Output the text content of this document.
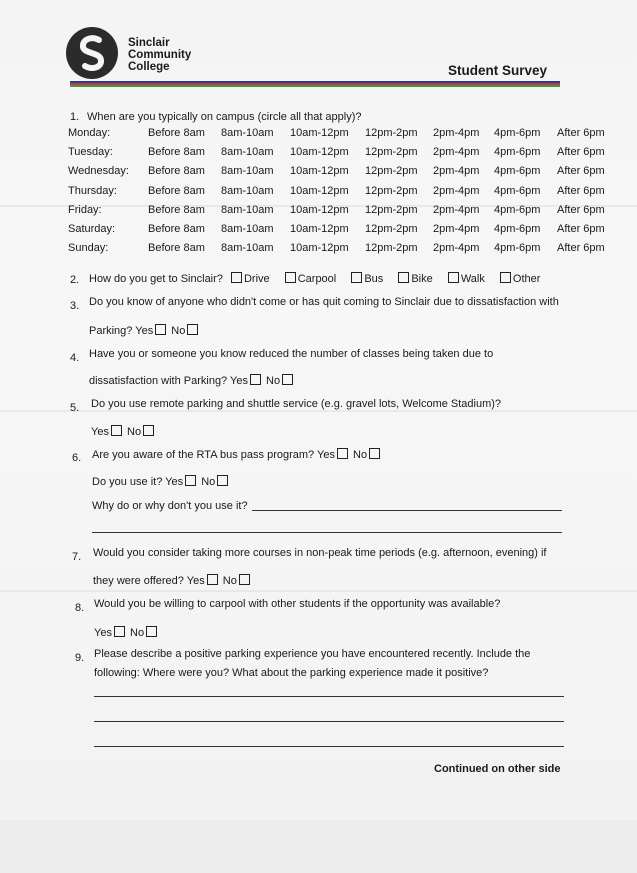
Sinclair
Community
College	Student Survey
1. When are you typically on campus (circle all that apply)?
Monday:	Before 8am 8am-10am 10am-12pm 12pm-2pm 2pm-4pm 4pm-6pm After 6pm
Tuesday:	Before 8am 8am-10am 10am-12pm 12pm-2pm 2pm-4pm 4pm-6pm After 6pm
Wednesday: Before 8am 8am-10am 10am-12pm 12pm-2pm 2pm-4pm 4pm-6pm After 6pm
Thursday:	Before 8am 8am-10am 10am-12pm 12pm-2pm 2pm-4pm 4pm-6pm After 6pm
Friday:	Before 8am 8am-10am 10am-12pm 12pm-2pm 2pm-4pm 4pm-6pm After 6pm
Saturday:	Before 8am 8am-10am 10am-12pm 12pm-2pm 2pm-4pm 4pm-6pm After 6pm
Sunday:	Before 8am 8am-10am 10am-12pm 12pm-2pm 2pm-4pm 4pm-6pm After 6pm
2. How do you get to Sinclair? Drive	Carpool	Bus	Bike	Walk	Other
3. Do you know of anyone who didn't come or has quit coming to Sinclair due to dissatisfaction with
Parking? Yes No
4. Have you or someone you know reduced the number of classes being taken due to
dissatisfaction with Parking? Yes No
5. Do you use remote parking and shuttle service (e.g. gravel lots, Welcome Stadium)?
Yes No
6. Are you aware of the RTA bus pass program? Yes No
Do you use it? Yes No
Why do or why don't you use it?
7. Would you consider taking more courses in non-peak time periods (e.g. afternoon, evening) if
they were offered? Yes No
8. Would you be willing to carpool with other students if the opportunity was available?
Yes No
9. Please describe a positive parking experience you have encountered recently. Include the
following: Where were you? What about the parking experience made it positive?
Continued on other side
